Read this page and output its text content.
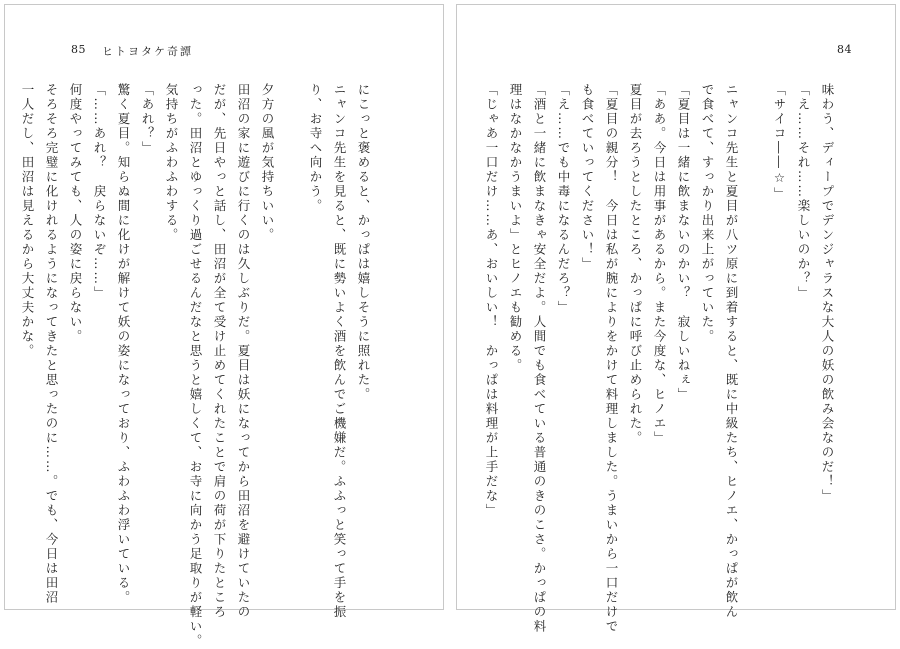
85 ヒトヨタケ奇譚

にこっと褒めると、かっぱは嬉しそうに照れた。

ニャンコ先生を見ると、既に勢いよく酒を飲んでご機嫌だ。ふふっと笑って手を振

り、お寺へ向かう。

夕方の風が気持ちいい。

田沼の家に遊びに行くのは久しぶりだ。夏目は妖になってから田沼を避けていたの

だが、先日やっと話し、田沼が全て受け止めてくれたことで肩の荷が下りたところ

った。田沼とゆっくり過ごせるんだなと思うと嬉しくて、お寺に向かう足取りが軽い。

気持ちがふわふわする。

「あれ？」

驚く夏目。知らぬ間に化けが解けて妖の姿になっており、ふわふわ浮いている。

「……あれ？　戻らないぞ……」

何度やってみても、人の姿に戻らない。

そろそろ完璧に化けれるようになってきたと思ったのに……。でも、今日は田沼

一人だし、田沼は見えるから大丈夫かな。

84

味わう、ディープでデンジャラスな大人の妖の飲み会なのだ！」

「え……それ……楽しいのか？」

「サイコ――☆」

ニャンコ先生と夏目が八ツ原に到着すると、既に中級たち、ヒノエ、かっぱが飲ん

で食べて、すっかり出来上がっていた。

「夏目は一緒に飲まないのかい？　寂しいねぇ」

「ああ。今日は用事があるから。また今度な、ヒノエ」

夏目が去ろうとしたところ、かっぱに呼び止められた。

「夏目の親分！　今日は私が腕によりをかけて料理しました。うまいから一口だけで

も食べていってください！」

「え……でも中毒になるんだろ？」

「酒と一緒に飲まなきゃ安全だよ。人間でも食べている普通のきのこさ。かっぱの料

理はなかなかうまいよ」とヒノエも勧める。

「じゃあ一口だけ……あ、おいしい！　かっぱは料理が上手だな」
